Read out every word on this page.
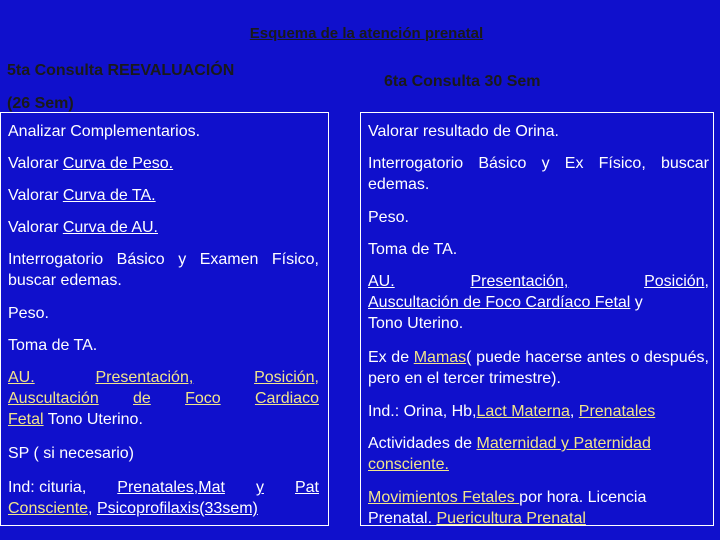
Esquema de la atención prenatal
5ta Consulta REEVALUACIÓN
(26 Sem)
6ta Consulta 30 Sem
Analizar Complementarios.
Valorar Curva de Peso.
Valorar Curva de TA.
Valorar Curva de AU.
Interrogatorio Básico y Examen Físico, buscar edemas.
Peso.
Toma de TA.
AU.	Presentación,	Posición,
Auscultación de Foco Cardiaco
Fetal Tono Uterino.
SP ( si necesario)
Ind: cituria, Prenatales,Mat y Pat
Consciente, Psicoprofilaxis(33sem)
Valorar resultado de Orina.
Interrogatorio Básico y Ex Físico, buscar edemas.
Peso.
Toma de TA.
AU.	Presentación,	Posición,
Auscultación de Foco Cardíaco Fetal y
Tono Uterino.
Ex de Mamas( puede hacerse antes o después, pero en el tercer trimestre).
Ind.: Orina, Hb,Lact Materna, Prenatales
Actividades de Maternidad y Paternidad consciente.
Movimientos Fetales por hora. Licencia Prenatal. Puericultura Prenatal
